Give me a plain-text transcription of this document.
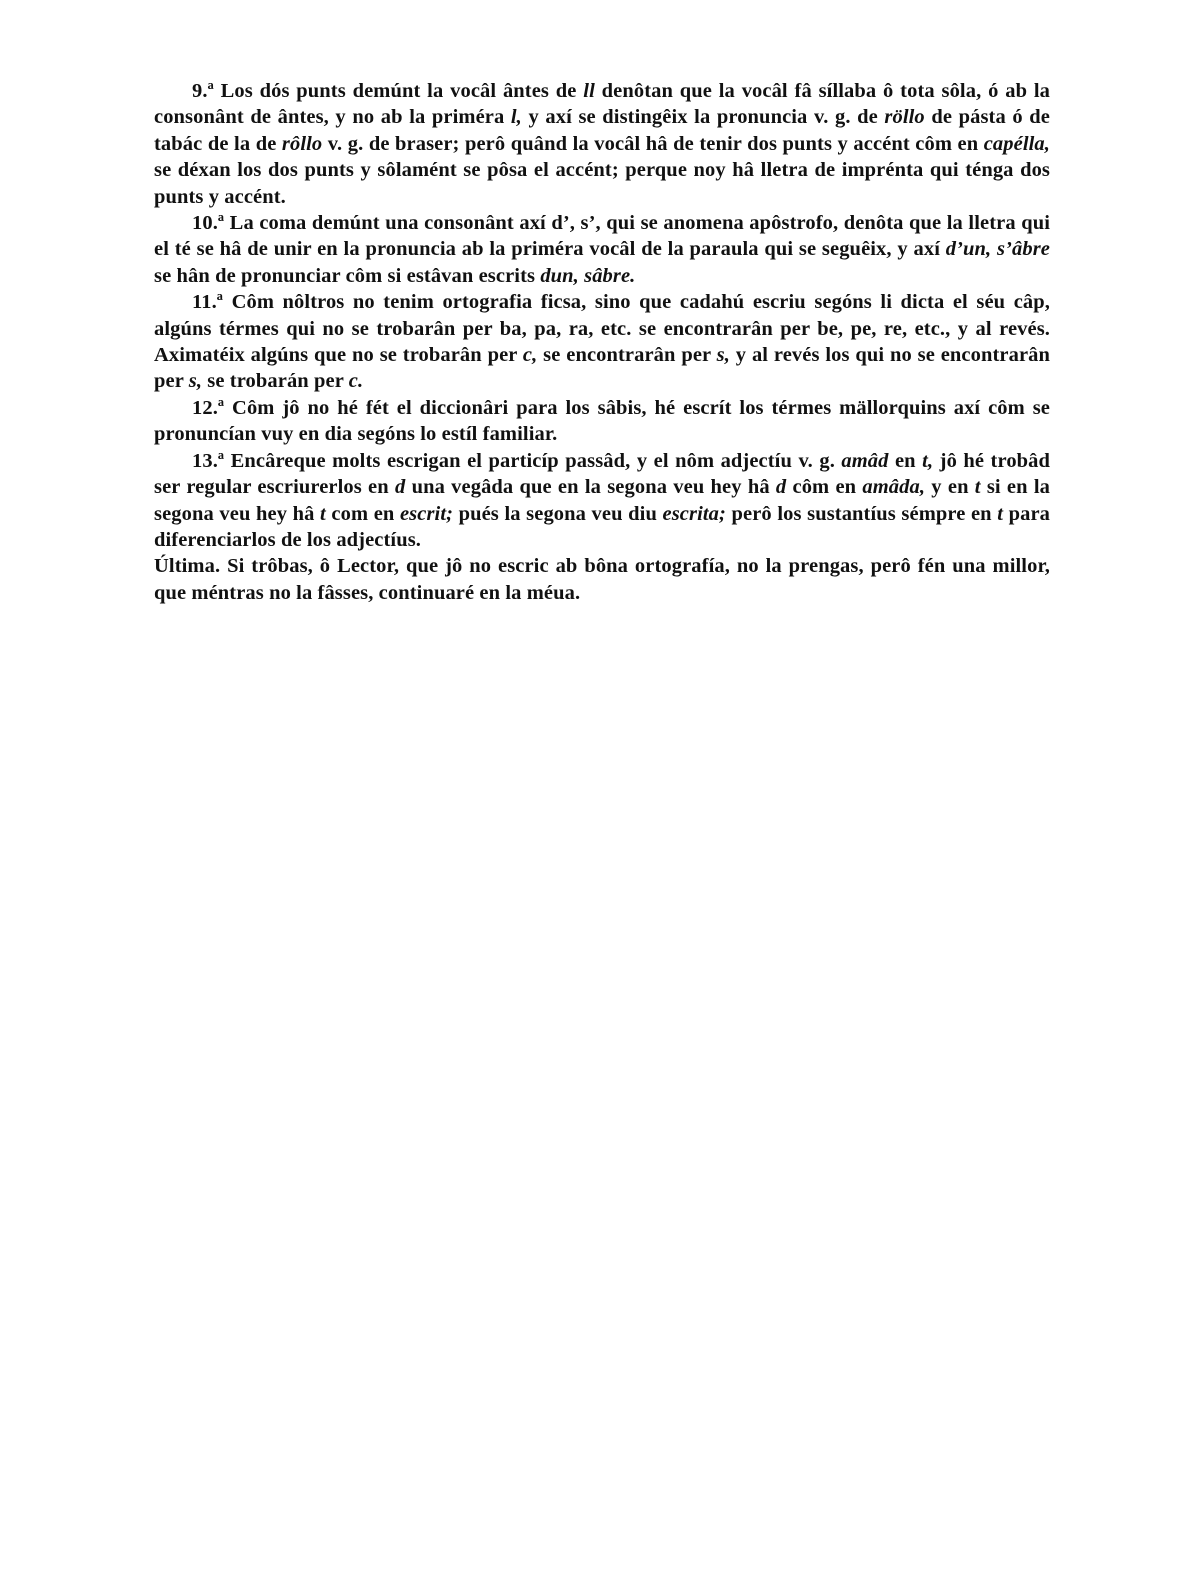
9.ª Los dós punts demúnt la vocâl ântes de ll denôtan que la vocâl fâ síllaba ô tota sôla, ó ab la consonânt de ântes, y no ab la priméra l, y axí se distingêix la pronuncia v. g. de röllo de pásta ó de tabác de la de rôllo v. g. de braser; perô quând la vocâl hâ de tenir dos punts y accént côm en capélla, se déxan los dos punts y sôlamént se pôsa el accént; perque noy hâ lletra de imprénta qui ténga dos punts y accént.

10.ª La coma demúnt una consonânt axí d’, s’, qui se anomena apôstrofo, denôta que la lletra qui el té se hâ de unir en la pronuncia ab la priméra vocâl de la paraula qui se seguêix, y axí d’un, s’âbre se hân de pronunciar côm si estâvan escrits dun, sâbre.

11.ª Côm nôltros no tenim ortografia ficsa, sino que cadahú escriu segóns li dicta el séu câp, algúns térmes qui no se trobarân per ba, pa, ra, etc. se encontrarân per be, pe, re, etc., y al revés. Aximatéix algúns que no se trobarân per c, se encontrarân per s, y al revés los qui no se encontrarân per s, se trobarán per c.

12.ª Côm jô no hé fét el diccionâri para los sâbis, hé escrít los térmes mällorquins axí côm se pronuncían vuy en dia segóns lo estíl familiar.

13.ª Encâreque molts escrigan el particíp passâd, y el nôm adjectíu v. g. amâd en t, jô hé trobâd ser regular escriurerlos en d una vegâda que en la segona veu hey hâ d côm en amâda, y en t si en la segona veu hey hâ t com en escrit; pués la segona veu diu escrita; perô los sustantíus sémpre en t para diferenciarlos de los adjectíus.

Última. Si trôbas, ô Lector, que jô no escric ab bôna ortografía, no la prengas, perô fén una millor, que méntras no la fâsses, continuaré en la méua.
